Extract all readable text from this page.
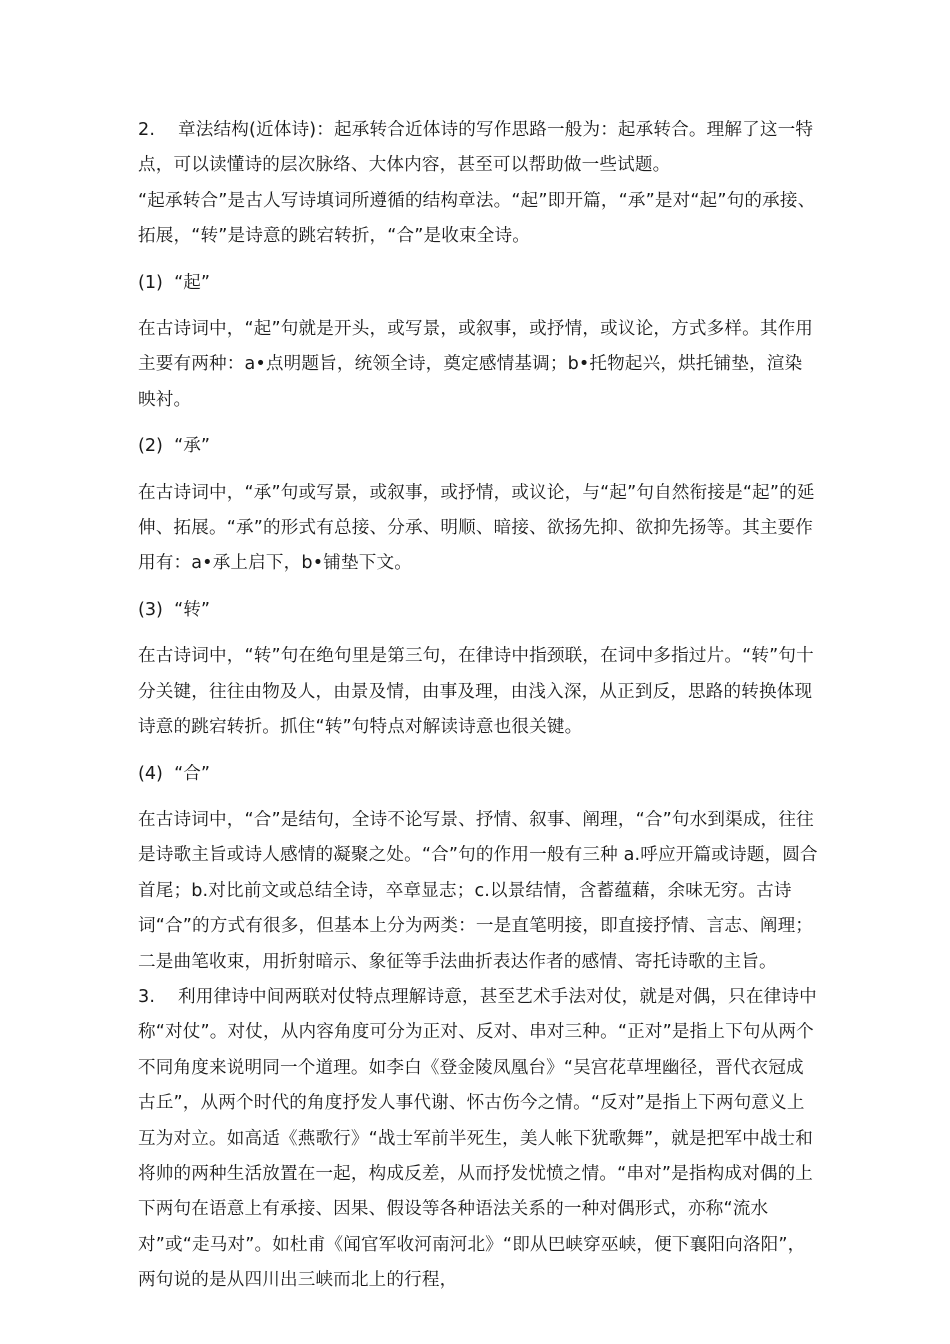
2.    章法结构(近体诗)：起承转合近体诗的写作思路一般为：起承转合。理解了这一特点，可以读懂诗的层次脉络、大体内容，甚至可以帮助做一些试题。

“起承转合”是古人写诗填词所遵循的结构章法。“起”即开篇，“承”是对“起”句的承接、拓展，“转”是诗意的跳宕转折，“合”是收束全诗。

(1)  “起”

在古诗词中，“起”句就是开头，或写景，或叙事，或抒情，或议论，方式多样。其作用主要有两种：a•点明题旨，统领全诗，奠定感情基调；b•托物起兴，烘托铺垫，渲染映衬。

(2)  “承”

在古诗词中，“承”句或写景，或叙事，或抒情，或议论，与“起”句自然衔接是“起”的延伸、拓展。“承”的形式有总接、分承、明顺、暗接、欲扬先抑、欲抑先扬等。其主要作用有：a•承上启下，b•铺垫下文。

(3)  “转”

在古诗词中，“转”句在绝句里是第三句，在律诗中指颈联，在词中多指过片。“转”句十分关键，往往由物及人，由景及情，由事及理，由浅入深，从正到反，思路的转换体现诗意的跳宕转折。抓住“转”句特点对解读诗意也很关键。

(4)  “合”

在古诗词中，“合”是结句，全诗不论写景、抒情、叙事、阐理，“合”句水到渠成，往往是诗歌主旨或诗人感情的凝聚之处。“合”句的作用一般有三种 a.呼应开篇或诗题，圆合首尾；b.对比前文或总结全诗，卒章显志；c.以景结情，含蓄蕴藉，余味无穷。古诗词“合”的方式有很多，但基本上分为两类：一是直笔明接，即直接抒情、言志、阐理；二是曲笔收束，用折射暗示、象征等手法曲折表达作者的感情、寄托诗歌的主旨。

3.    利用律诗中间两联对仗特点理解诗意，甚至艺术手法对仗，就是对偶，只在律诗中称“对仗”。对仗，从内容角度可分为正对、反对、串对三种。“正对”是指上下句从两个不同角度来说明同一个道理。如李白《登金陵凤凰台》“吴宫花草埋幽径，晋代衣冠成古丘”，从两个时代的角度抒发人事代谢、怀古伤今之情。“反对”是指上下两句意义上互为对立。如高适《燕歌行》“战士军前半死生，美人帐下犹歌舞”，就是把军中战士和将帅的两种生活放置在一起，构成反差，从而抒发忧愤之情。“串对”是指构成对偶的上下两句在语意上有承接、因果、假设等各种语法关系的一种对偶形式，亦称“流水对”或“走马对”。如杜甫《闻官军收河南河北》“即从巴峡穿巫峡，便下襄阳向洛阳”，两句说的是从四川出三峡而北上的行程，
